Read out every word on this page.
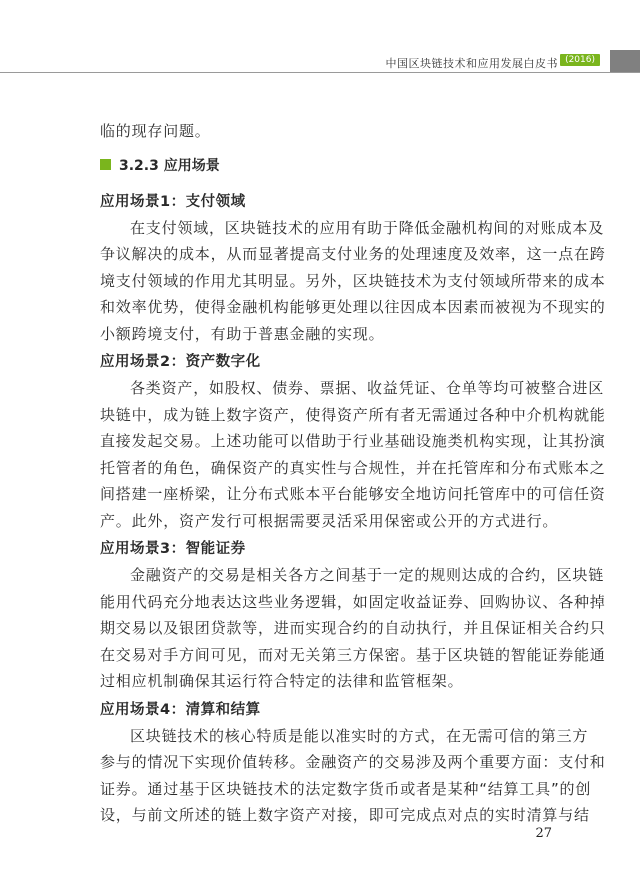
中国区块链技术和应用发展白皮书 (2016)
临的现存问题。
3.2.3 应用场景
应用场景1：支付领域
在支付领域，区块链技术的应用有助于降低金融机构间的对账成本及
争议解决的成本，从而显著提高支付业务的处理速度及效率，这一点在跨
境支付领域的作用尤其明显。另外，区块链技术为支付领域所带来的成本
和效率优势，使得金融机构能够更处理以往因成本因素而被视为不现实的
小额跨境支付，有助于普惠金融的实现。
应用场景2：资产数字化
各类资产，如股权、债券、票据、收益凭证、仓单等均可被整合进区
块链中，成为链上数字资产，使得资产所有者无需通过各种中介机构就能
直接发起交易。上述功能可以借助于行业基础设施类机构实现，让其扮演
托管者的角色，确保资产的真实性与合规性，并在托管库和分布式账本之
间搭建一座桥梁，让分布式账本平台能够安全地访问托管库中的可信任资
产。此外，资产发行可根据需要灵活采用保密或公开的方式进行。
应用场景3：智能证券
金融资产的交易是相关各方之间基于一定的规则达成的合约，区块链
能用代码充分地表达这些业务逻辑，如固定收益证券、回购协议、各种掉
期交易以及银团贷款等，进而实现合约的自动执行，并且保证相关合约只
在交易对手方间可见，而对无关第三方保密。基于区块链的智能证券能通
过相应机制确保其运行符合特定的法律和监管框架。
应用场景4：清算和结算
区块链技术的核心特质是能以准实时的方式，在无需可信的第三方
参与的情况下实现价值转移。金融资产的交易涉及两个重要方面：支付和
证券。通过基于区块链技术的法定数字货币或者是某种“结算工具”的创
设，与前文所述的链上数字资产对接，即可完成点对点的实时清算与结
27
